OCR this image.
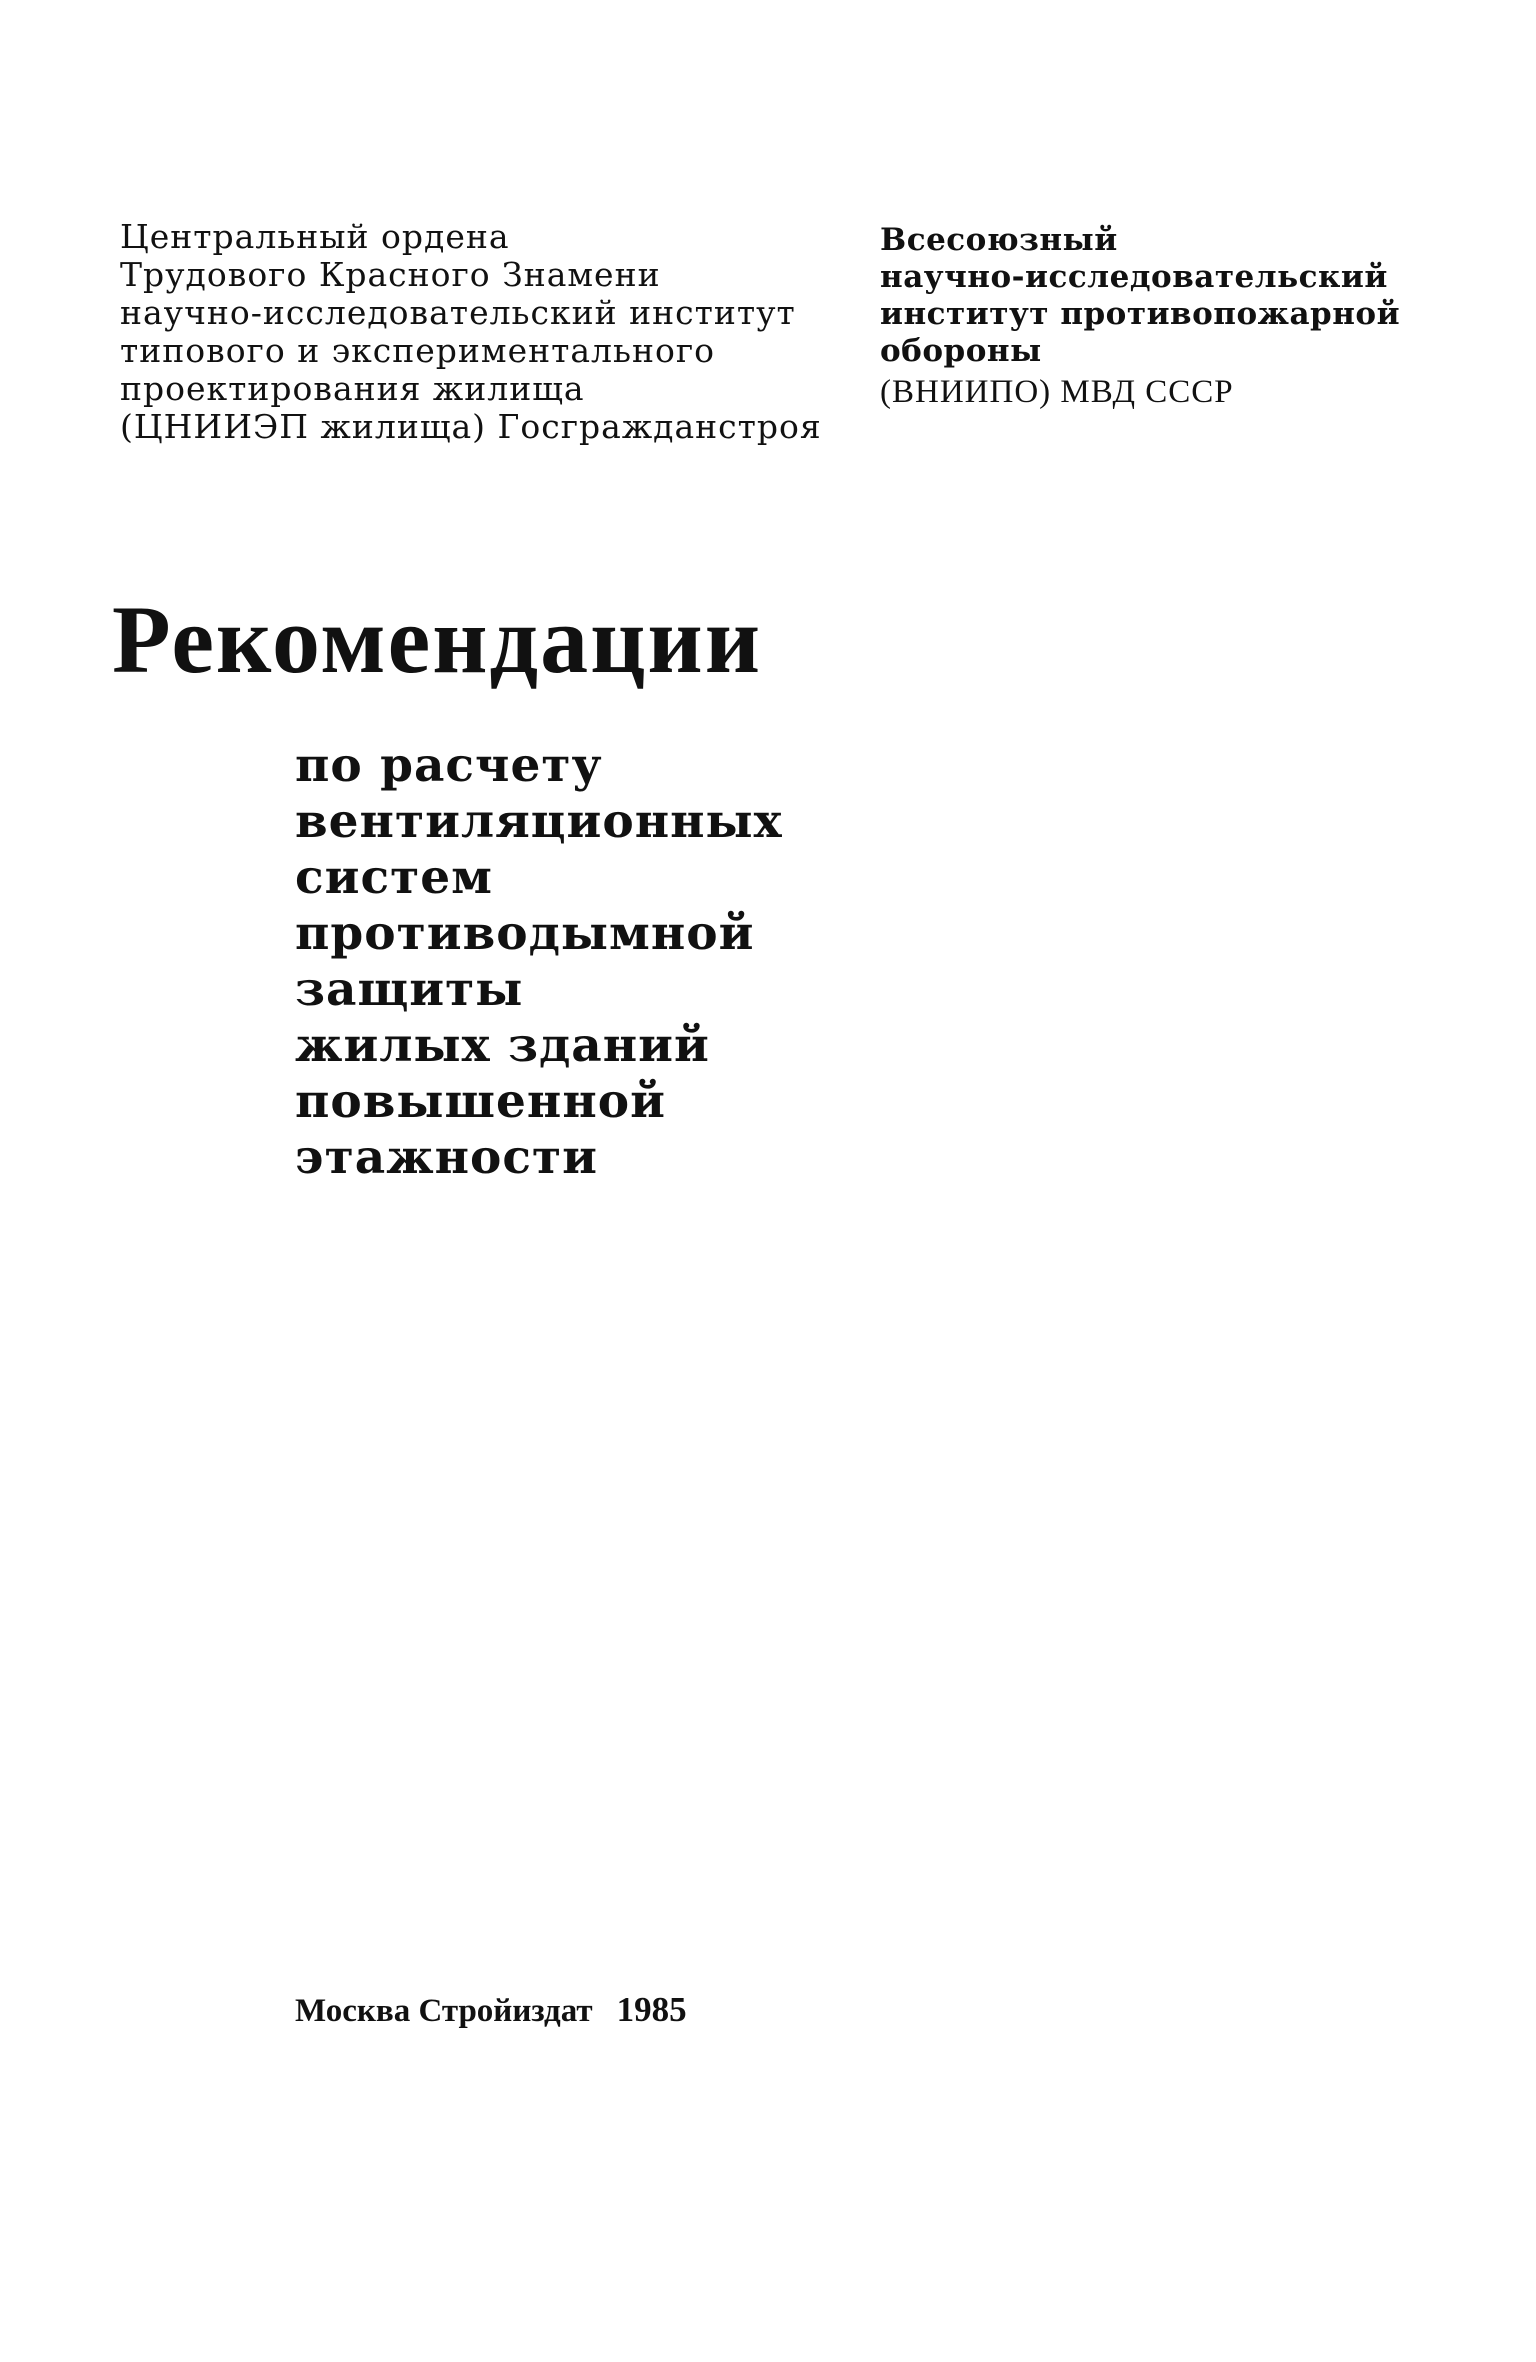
Центральный ордена
Трудового Красного Знамени
научно-исследовательский институт
типового и экспериментального
проектирования жилища
(ЦНИИЭП жилища) Госгражданстроя
Всесоюзный
научно-исследовательский
институт противопожарной
обороны
(ВНИИПО) МВД СССР
Рекомендации
по расчету
вентиляционных
систем
противодымной
защиты
жилых зданий
повышенной
этажности
Москва Стройиздат 1985
